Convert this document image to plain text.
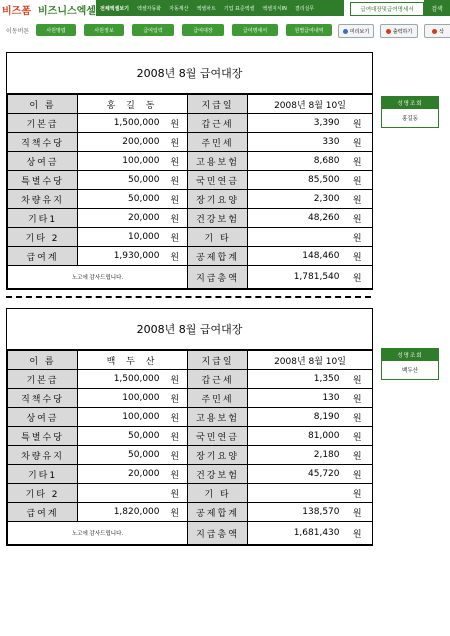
비즈폼 비즈니스엑셀 전체엑셀보기 엑셀자동화 자동계산 엑셀차트 기업 표준엑셀 엑셀지식IN 결리실무	급여대장및급여명세서	검색
이동버튼	사원명렵	사원정보	급여입력	급여대장	급여명세서	원별급여내역	미리보기	출력하기	삭
2008년 8월 급여대장
이 름	홍 길 동		지급일	2008년 8월 10일	
기본급	1,500,000	원	갑근세	3,390	원
직책수당	200,000	원	주민세	330	원
상여금	100,000	원	고용보험	8,680	원
특별수당	50,000	원	국민연금	85,500	원
차량유지	50,000	원	장기요양	2,300	원
기타1	20,000	원	건강보험	48,260	원
기타 2	10,000	원	기 타		원
급여계	1,930,000	원	공제합계	148,460	원
노고에 감사드립니다.			지급총액	1,781,540	원
성명조회
홍길동
2008년 8월 급여대장
이 름	백 두 산		지급일	2008년 8월 10일	
기본급	1,500,000	원	갑근세	1,350	원
직책수당	100,000	원	주민세	130	원
상여금	100,000	원	고용보험	8,190	원
특별수당	50,000	원	국민연금	81,000	원
차량유지	50,000	원	장기요양	2,180	원
기타1	20,000	원	건강보험	45,720	원
기타 2		원	기 타		원
급여계	1,820,000	원	공제합계	138,570	원
노고에 감사드립니다.			지급총액	1,681,430	원
성명조회
백두산
